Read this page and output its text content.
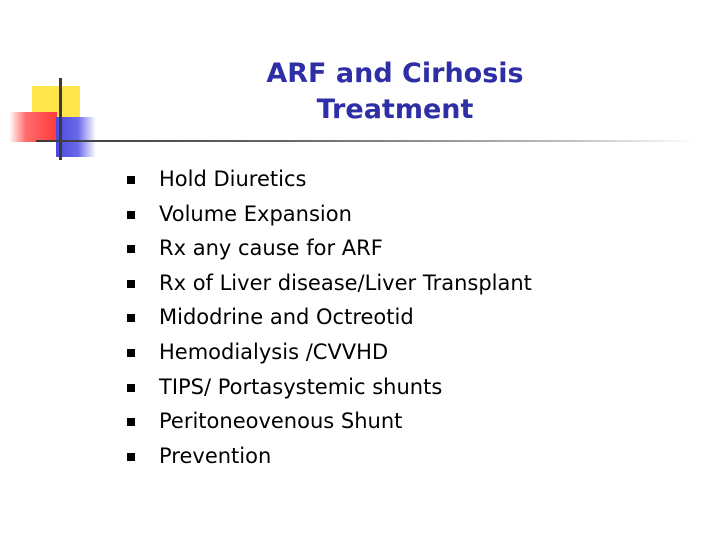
ARF and Cirhosis
Treatment
Hold Diuretics
Volume Expansion
Rx any cause for ARF
Rx of Liver disease/Liver Transplant
Midodrine and Octreotid
Hemodialysis /CVVHD
TIPS/ Portasystemic shunts
Peritoneovenous Shunt
Prevention
